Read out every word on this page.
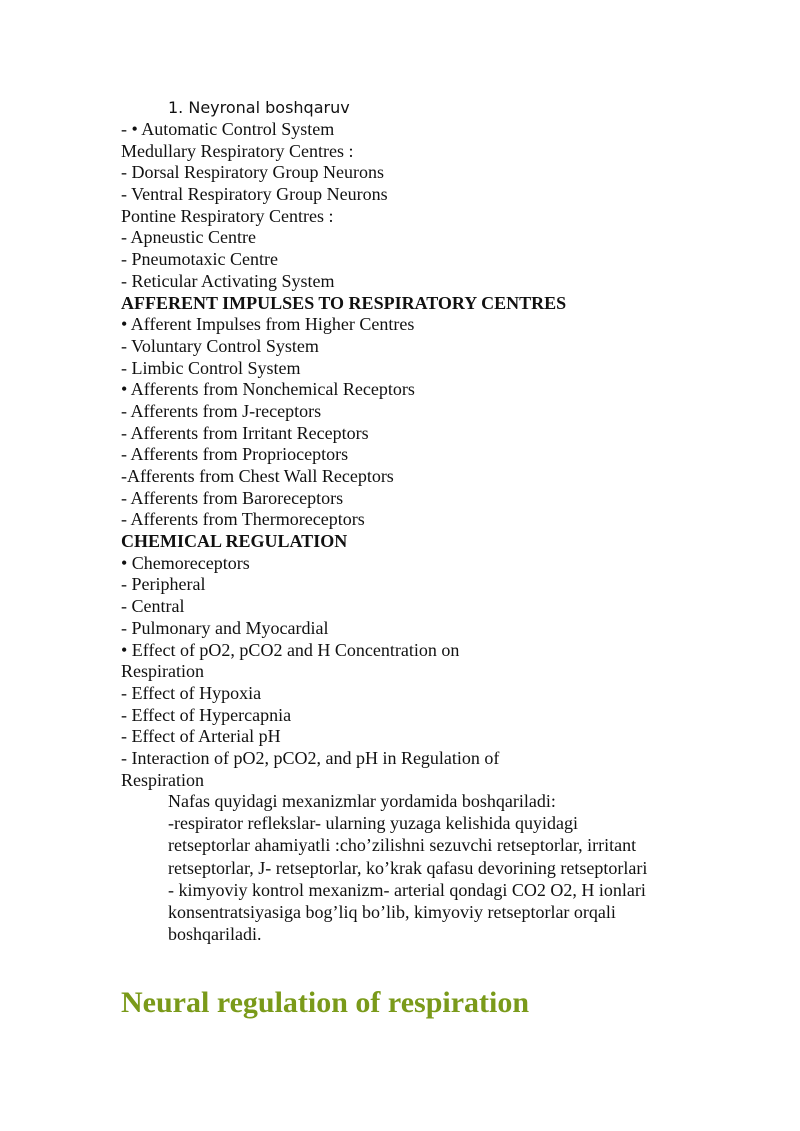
1. Neyronal boshqaruv
- • Automatic Control System
Medullary Respiratory Centres :
- Dorsal Respiratory Group Neurons
- Ventral Respiratory Group Neurons
Pontine Respiratory Centres :
- Apneustic Centre
- Pneumotaxic Centre
- Reticular Activating System
AFFERENT IMPULSES TO RESPIRATORY CENTRES
• Afferent Impulses from Higher Centres
- Voluntary Control System
- Limbic Control System
• Afferents from Nonchemical Receptors
- Afferents from J-receptors
- Afferents from Irritant Receptors
- Afferents from Proprioceptors
-Afferents from Chest Wall Receptors
- Afferents from Baroreceptors
- Afferents from Thermoreceptors
CHEMICAL REGULATION
• Chemoreceptors
- Peripheral
- Central
- Pulmonary and Myocardial
• Effect of pO2, pCO2 and H Concentration on
Respiration
- Effect of Hypoxia
- Effect of Hypercapnia
- Effect of Arterial pH
- Interaction of pO2, pCO2, and pH in Regulation of
Respiration
Nafas quyidagi mexanizmlar yordamida boshqariladi:
-respirator reflekslar- ularning yuzaga kelishida quyidagi
retseptorlar ahamiyatli :cho’zilishni sezuvchi retseptorlar, irritant
retseptorlar, J- retseptorlar, ko’krak qafasu devorining retseptorlari
- kimyoviy kontrol mexanizm- arterial qondagi CO2 O2, H ionlari
konsentratsiyasiga bog’liq bo’lib, kimyoviy retseptorlar orqali
boshqariladi.
Neural regulation of respiration
